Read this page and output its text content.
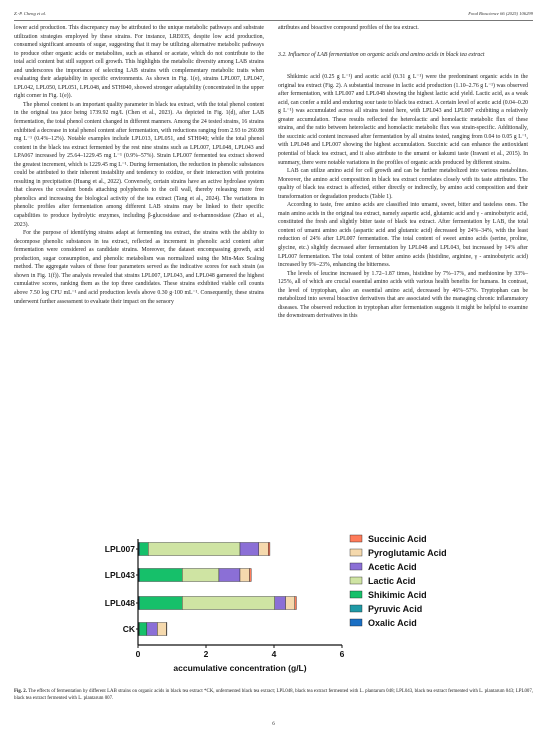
Z.-P. Cheng et al.	Food Bioscience 66 (2025) 106299

lower acid production. This discrepancy may be attributed to the unique metabolic pathways and substrate utilization strategies employed by these strains. For instance, LRE035, despite low acid production, consumed significant amounts of sugar, suggesting that it may be utilizing alternative metabolic pathways to produce other organic acids or metabolites, such as ethanol or acetate, which do not contribute to the total acid content but still support cell growth. This highlights the metabolic diversity among LAB strains and underscores the importance of selecting LAB strains with complementary metabolic traits when evaluating their adaptability in specific environments. As shown in Fig. 1(e), strains LPL007, LPL047, LPL042, LPL050, LPL051, LPL048, and STH040, showed stronger adaptability (concentrated in the upper right corner in Fig. 1(e)).

The phenol content is an important quality parameter in black tea extract, with the total phenol content in the original tea juice being 1739.92 mg/L (Chen et al., 2023). As depicted in Fig. 1(d), after LAB fermentation, the total phenol content changed in different manners. Among the 24 tested strains, 16 strains exhibited a decrease in total phenol content after fermentation, with reductions ranging from 2.93 to 260.88 mg L⁻¹ (0.4%–12%). Notable examples include LPL013, LPL051, and STH040; while the total phenol content in the black tea extract fermented by the rest nine strains such as LPL007, LPL048, LPL043 and LPA067 increased by 25.64–1229.45 mg L⁻¹ (0.9%–57%). Strain LPL007 fermented tea extract showed the greatest increment, which is 1229.45 mg L⁻¹. During fermentation, the reduction in phenolic substances could be attributed to their inherent instability and tendency to oxidize, or their interaction with proteins resulting in precipitation (Huang et al., 2022). Conversely, certain strains have an active hydrolase system that cleaves the covalent bonds attaching polyphenols to the cell wall, thereby releasing more free phenolics and increasing the biological activity of the tea extract (Tang et al., 2024). The variations in phenolic profiles after fermentation among different LAB strains may be linked to their specific capabilities to produce hydrolytic enzymes, including β-glucosidase and α-rhamnosidase (Zhao et al., 2023).

For the purpose of identifying strains adapt at fermenting tea extract, the strains with the ability to decompose phenolic substances in tea extract, reflected as increment in phenolic acid content after fermentation were considered as candidate strains. Moreover, the dataset encompassing growth, acid production, sugar consumption, and phenolic metabolism was normalized using the Min-Max Scaling method. The aggregate values of these four parameters served as the indicative scores for each strain (as shown in Fig. 1(f)). The analysis revealed that strains LPL007, LPL043, and LPL048 garnered the highest cumulative scores, ranking them as the top three candidates. These strains exhibited viable cell counts above 7.50 log CFU mL⁻¹ and acid production levels above 0.30 g·100 mL⁻¹. Consequently, these strains underwent further assessment to evaluate their impact on the sensory

attributes and bioactive compound profiles of the tea extract.

3.2. Influence of LAB fermentation on organic acids and amino acids in black tea extract

Shikimic acid (0.25 g L⁻¹) and acetic acid (0.31 g L⁻¹) were the predominant organic acids in the original tea extract (Fig. 2). A substantial increase in lactic acid production (1.10–2.76 g L⁻¹) was observed after fermentation, with LPL007 and LPL048 showing the highest lactic acid yield. Lactic acid, as a weak acid, can confer a mild and enduring sour taste to black tea extract. A certain level of acetic acid (0.04–0.20 g L⁻¹) was accumulated across all strains tested here, with LPL043 and LPL007 exhibiting a relatively greater accumulation. These results reflected the heterolactic and homolactic metabolic flux of these strains, and the ratio between heterolactic and homolactic metabolic flux was strain-specific. Additionally, the succinic acid content increased after fermentation by all strains tested, ranging from 0.04 to 0.05 g L⁻¹, with LPL048 and LPL007 showing the highest accumulation. Succinic acid can enhance the antioxidant potential of black tea extract, and it also attribute to the umami or kakumi taste (Iravani et al., 2015). In summary, there were notable variations in the profiles of organic acids produced by different strains.

LAB can utilize amino acid for cell growth and can be further metabolized into various metabolites. Moreover, the amino acid composition in black tea extract correlates closely with its taste attributes. The quality of black tea extract is affected, either directly or indirectly, by amino acid composition and their transformation or degradation products (Table 1).

According to taste, free amino acids are classified into umami, sweet, bitter and tasteless ones. The main amino acids in the original tea extract, namely aspartic acid, glutamic acid and γ - aminobutyric acid, constituted the fresh and slightly bitter taste of black tea extract. After fermentation by LAB, the total content of umami amino acids (aspartic acid and glutamic acid) decreased by 24%–34%, with the least reduction of 24% after LPL007 fermentation. The total content of sweet amino acids (serine, proline, glycine, etc.) slightly decreased after fermentation by LPL048 and LPL043, but increased by 14% after LPL007 fermentation. The total content of bitter amino acids (histidine, arginine, γ - aminobutyric acid) increased by 9%–23%, enhancing the bitterness.

The levels of leucine increased by 1.72–1.87 times, histidine by 7%–17%, and methionine by 33%–125%, all of which are crucial essential amino acids with various health benefits for humans. In contrast, the level of tryptophan, also an essential amino acid, decreased by 46%–57%. Tryptophan can be metabolized into several bioactive derivatives that are associated with the managing chronic inflammatory diseases. The observed reduction in tryptophan after fermentation suggests it might be helpful to examine the downstream derivatives in this

0	2	4	6
accumulative concentration (g/L)
LPL007
LPL043
LPL048
CK
Succinic Acid
Pyroglutamic Acid
Acetic Acid
Lactic Acid
Shikimic Acid
Pyruvic Acid
Oxalic Acid
Fig. 2. The effects of fermentation by different LAB strains on organic acids in black tea extract *CK, unfermented black tea extract; LPL048, black tea extract fermented with L. plantarum 048; LPL043, black tea extract fermented with L. plantarum 043; LPL007, black tea extract fermented with L. plantarum 007.
6
